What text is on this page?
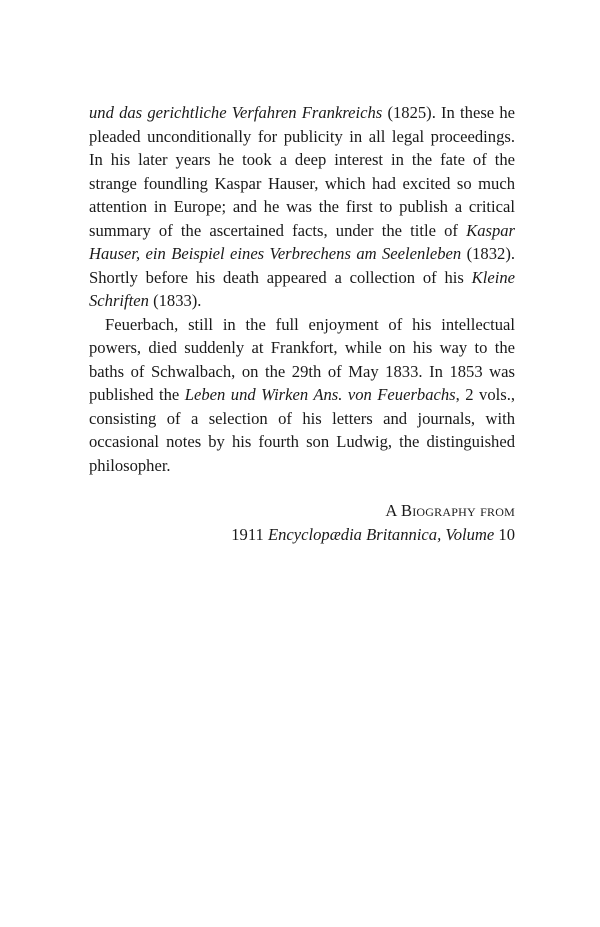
und das gerichtliche Verfahren Frankreichs (1825). In these he pleaded unconditionally for publicity in all legal proceedings. In his later years he took a deep interest in the fate of the strange foundling Kaspar Hauser, which had excited so much attention in Europe; and he was the first to publish a critical summary of the ascertained facts, under the title of Kaspar Hauser, ein Beispiel eines Verbrechens am Seelenleben (1832). Shortly before his death appeared a collection of his Kleine Schriften (1833).

Feuerbach, still in the full enjoyment of his intellectual powers, died suddenly at Frankfort, while on his way to the baths of Schwalbach, on the 29th of May 1833. In 1853 was published the Leben und Wirken Ans. von Feuerbachs, 2 vols., consisting of a selection of his letters and journals, with occasional notes by his fourth son Ludwig, the distinguished philosopher.

A Biography from
1911 Encyclopædia Britannica, Volume 10
